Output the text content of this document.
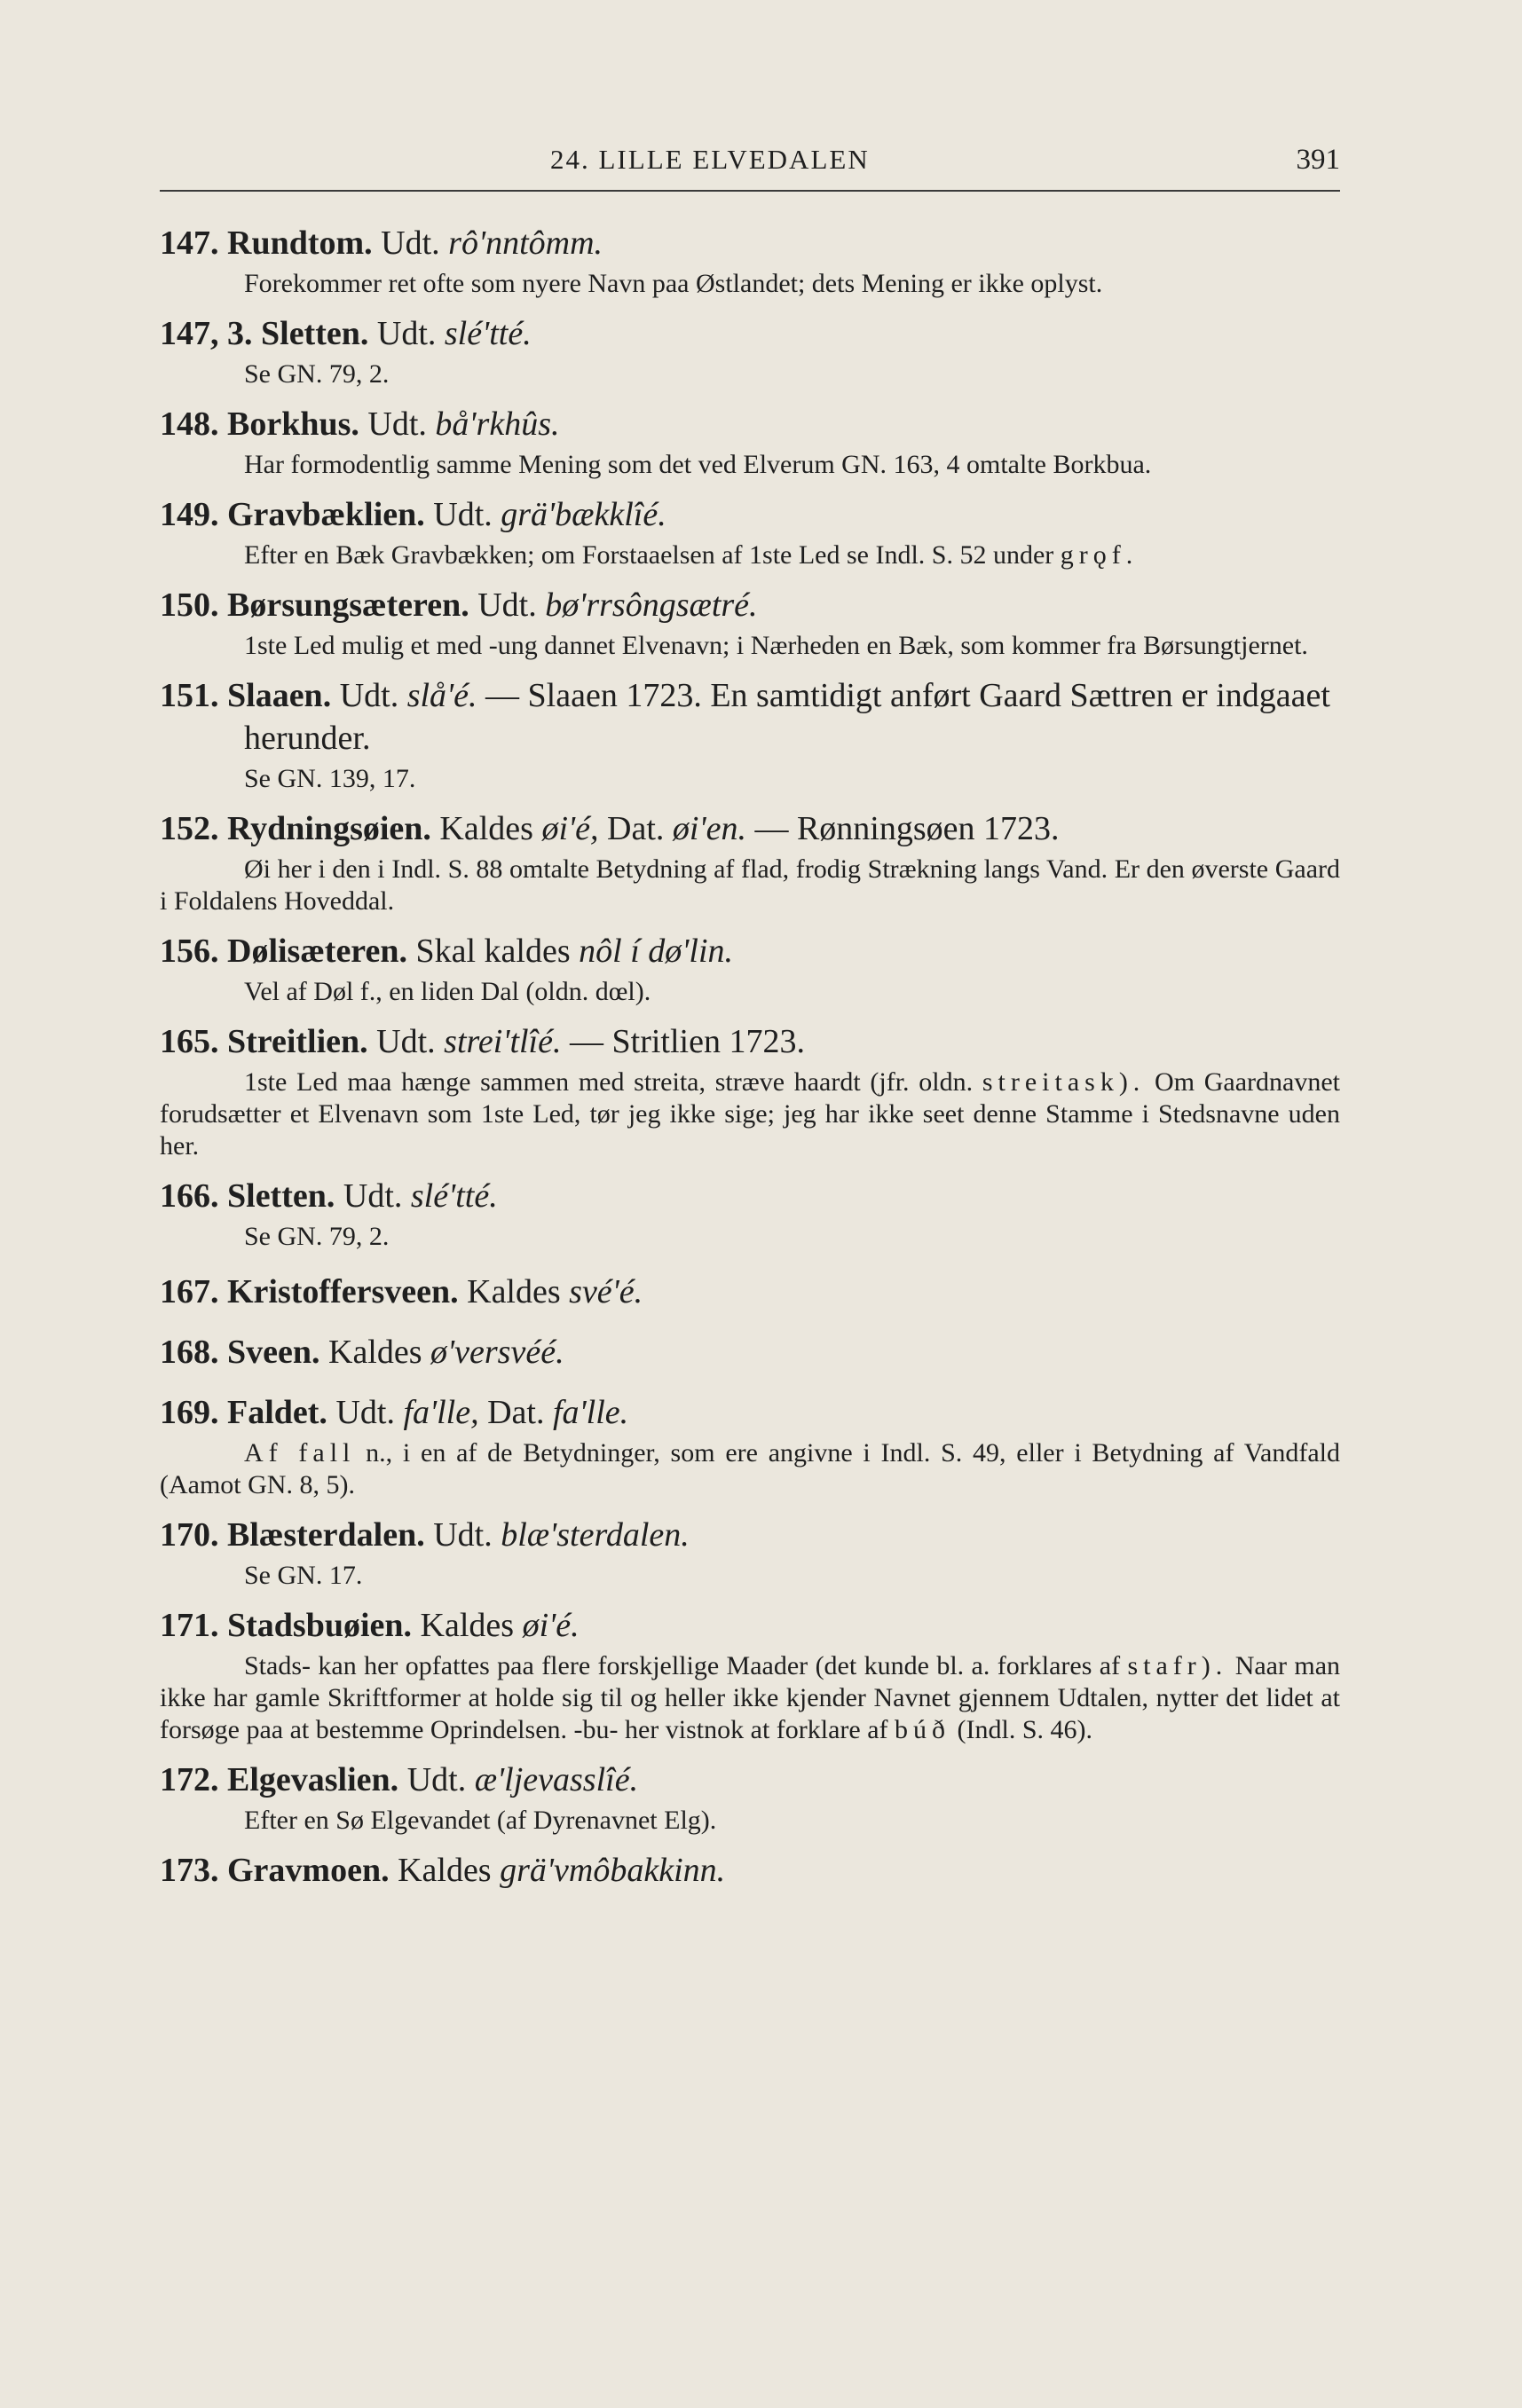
24. LILLE ELVEDALEN	391

147. Rundtom. Udt. rô'nntômm.

Forekommer ret ofte som nyere Navn paa Østlandet; dets Mening er ikke oplyst.

147, 3. Sletten. Udt. slé'tté.

Se GN. 79, 2.

148. Borkhus. Udt. bå'rkhûs.

Har formodentlig samme Mening som det ved Elverum GN. 163, 4 omtalte Borkbua.

149. Gravbæklien. Udt. grä'bækklîé.

Efter en Bæk Gravbækken; om Forstaaelsen af 1ste Led se Indl. S. 52 under grǫf.

150. Børsungsæteren. Udt. bø'rrsôngsætré.

1ste Led mulig et med -ung dannet Elvenavn; i Nærheden en Bæk, som kommer fra Børsungtjernet.

151. Slaaen. Udt. slå'é. — Slaaen 1723. En samtidigt anført Gaard Sættren er indgaaet herunder.

Se GN. 139, 17.

152. Rydningsøien. Kaldes øi'é, Dat. øi'en. — Rønningsøen 1723.

Øi her i den i Indl. S. 88 omtalte Betydning af flad, frodig Strækning langs Vand. Er den øverste Gaard i Foldalens Hoveddal.

156. Dølisæteren. Skal kaldes nôl í dø'lin.

Vel af Døl f., en liden Dal (oldn. dœl).

165. Streitlien. Udt. strei'tlîé. — Stritlien 1723.

1ste Led maa hænge sammen med streita, stræve haardt (jfr. oldn. streitask). Om Gaardnavnet forudsætter et Elvenavn som 1ste Led, tør jeg ikke sige; jeg har ikke seet denne Stamme i Stedsnavne uden her.

166. Sletten. Udt. slé'tté.

Se GN. 79, 2.

167. Kristoffersveen. Kaldes své'é.

168. Sveen. Kaldes ø'versvéé.

169. Faldet. Udt. fa'lle, Dat. fa'lle.

Af fall n., i en af de Betydninger, som ere angivne i Indl. S. 49, eller i Betydning af Vandfald (Aamot GN. 8, 5).

170. Blæsterdalen. Udt. blæ'sterdalen.

Se GN. 17.

171. Stadsbuøien. Kaldes øi'é.

Stads- kan her opfattes paa flere forskjellige Maader (det kunde bl. a. forklares af stafr). Naar man ikke har gamle Skriftformer at holde sig til og heller ikke kjender Navnet gjennem Udtalen, nytter det lidet at forsøge paa at bestemme Oprindelsen. -bu- her vistnok at forklare af búð (Indl. S. 46).

172. Elgevaslien. Udt. æ'ljevasslîé.

Efter en Sø Elgevandet (af Dyrenavnet Elg).

173. Gravmoen. Kaldes grä'vmôbakkinn.
